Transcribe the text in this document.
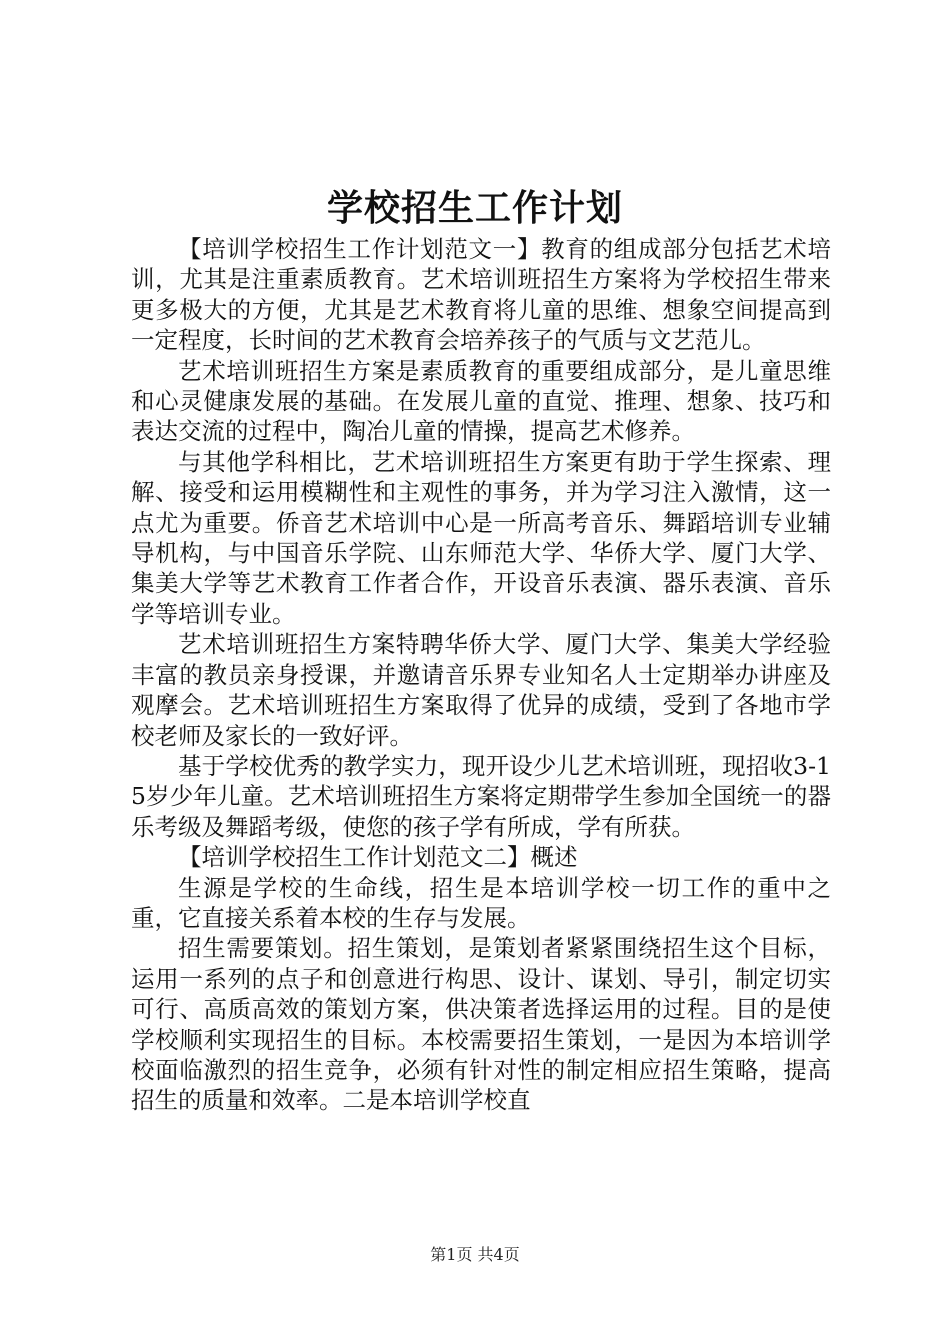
学校招生工作计划

【培训学校招生工作计划范文一】教育的组成部分包括艺术培训，尤其是注重素质教育。艺术培训班招生方案将为学校招生带来更多极大的方便，尤其是艺术教育将儿童的思维、想象空间提高到一定程度，长时间的艺术教育会培养孩子的气质与文艺范儿。

艺术培训班招生方案是素质教育的重要组成部分，是儿童思维和心灵健康发展的基础。在发展儿童的直觉、推理、想象、技巧和表达交流的过程中，陶冶儿童的情操，提高艺术修养。

与其他学科相比，艺术培训班招生方案更有助于学生探索、理解、接受和运用模糊性和主观性的事务，并为学习注入激情，这一点尤为重要。侨音艺术培训中心是一所高考音乐、舞蹈培训专业辅导机构，与中国音乐学院、山东师范大学、华侨大学、厦门大学、集美大学等艺术教育工作者合作，开设音乐表演、器乐表演、音乐学等培训专业。

艺术培训班招生方案特聘华侨大学、厦门大学、集美大学经验丰富的教员亲身授课，并邀请音乐界专业知名人士定期举办讲座及观摩会。艺术培训班招生方案取得了优异的成绩，受到了各地市学校老师及家长的一致好评。

基于学校优秀的教学实力，现开设少儿艺术培训班，现招收3-15岁少年儿童。艺术培训班招生方案将定期带学生参加全国统一的器乐考级及舞蹈考级，使您的孩子学有所成，学有所获。

【培训学校招生工作计划范文二】概述

生源是学校的生命线，招生是本培训学校一切工作的重中之重，它直接关系着本校的生存与发展。

招生需要策划。招生策划，是策划者紧紧围绕招生这个目标，运用一系列的点子和创意进行构思、设计、谋划、导引，制定切实可行、高质高效的策划方案，供决策者选择运用的过程。目的是使学校顺利实现招生的目标。本校需要招生策划，一是因为本培训学校面临激烈的招生竞争，必须有针对性的制定相应招生策略，提高招生的质量和效率。二是本培训学校直

第1页 共4页
